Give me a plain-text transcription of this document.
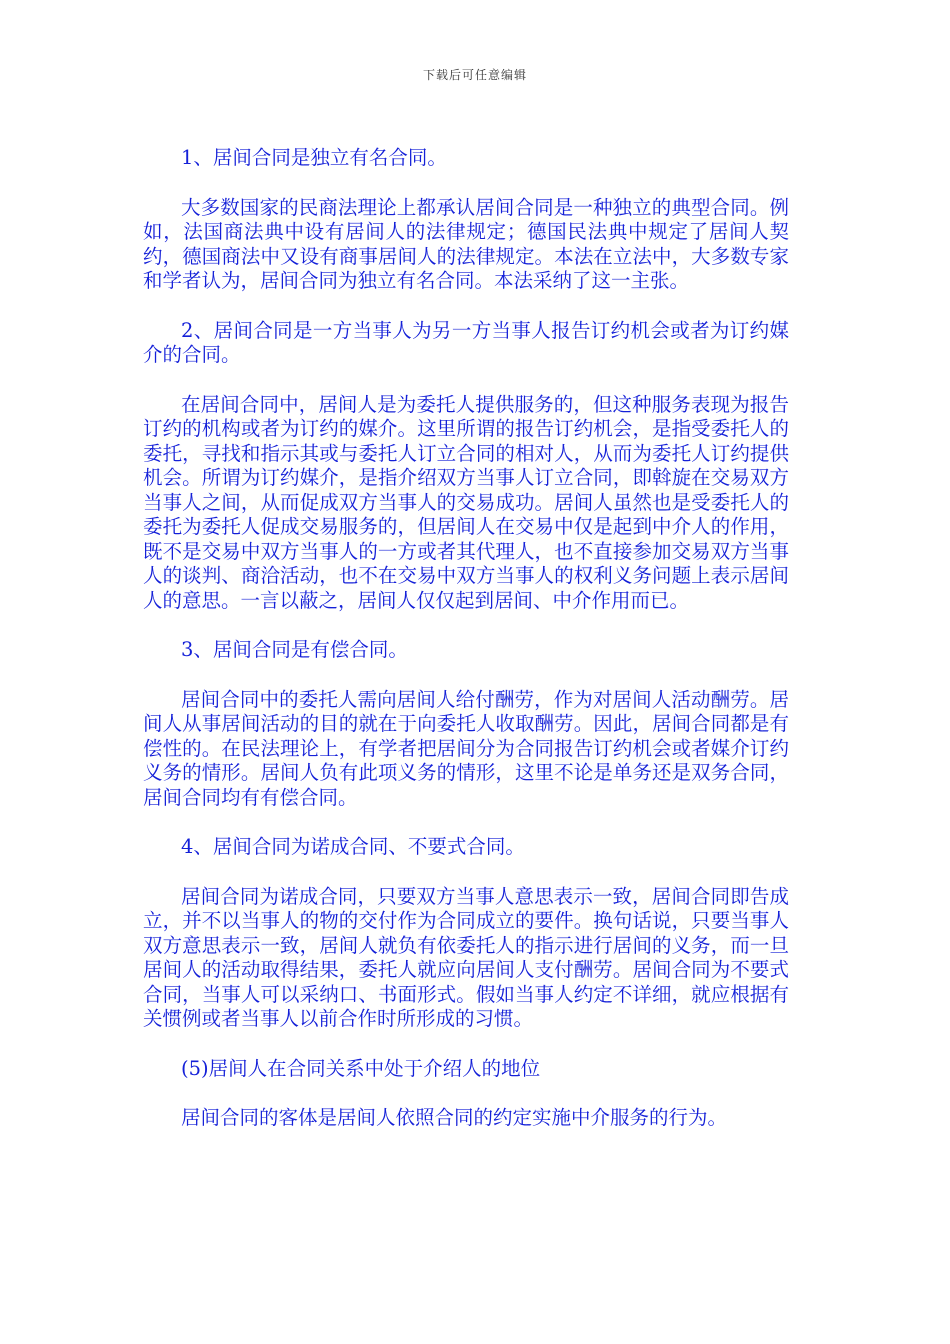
下载后可任意编辑

1、居间合同是独立有名合同。

大多数国家的民商法理论上都承认居间合同是一种独立的典型合同。例如，法国商法典中设有居间人的法律规定；德国民法典中规定了居间人契约，德国商法中又设有商事居间人的法律规定。本法在立法中，大多数专家和学者认为，居间合同为独立有名合同。本法采纳了这一主张。

2、居间合同是一方当事人为另一方当事人报告订约机会或者为订约媒介的合同。

在居间合同中，居间人是为委托人提供服务的，但这种服务表现为报告订约的机构或者为订约的媒介。这里所谓的报告订约机会，是指受委托人的委托，寻找和指示其或与委托人订立合同的相对人，从而为委托人订约提供机会。所谓为订约媒介，是指介绍双方当事人订立合同，即斡旋在交易双方当事人之间，从而促成双方当事人的交易成功。居间人虽然也是受委托人的委托为委托人促成交易服务的，但居间人在交易中仅是起到中介人的作用，既不是交易中双方当事人的一方或者其代理人，也不直接参加交易双方当事人的谈判、商洽活动，也不在交易中双方当事人的权利义务问题上表示居间人的意思。一言以蔽之，居间人仅仅起到居间、中介作用而已。

3、居间合同是有偿合同。

居间合同中的委托人需向居间人给付酬劳，作为对居间人活动酬劳。居间人从事居间活动的目的就在于向委托人收取酬劳。因此，居间合同都是有偿性的。在民法理论上，有学者把居间分为合同报告订约机会或者媒介订约义务的情形。居间人负有此项义务的情形，这里不论是单务还是双务合同，居间合同均有有偿合同。

4、居间合同为诺成合同、不要式合同。

居间合同为诺成合同，只要双方当事人意思表示一致，居间合同即告成立，并不以当事人的物的交付作为合同成立的要件。换句话说，只要当事人双方意思表示一致，居间人就负有依委托人的指示进行居间的义务，而一旦居间人的活动取得结果，委托人就应向居间人支付酬劳。居间合同为不要式合同，当事人可以采纳口、书面形式。假如当事人约定不详细，就应根据有关惯例或者当事人以前合作时所形成的习惯。

(5)居间人在合同关系中处于介绍人的地位

居间合同的客体是居间人依照合同的约定实施中介服务的行为。
